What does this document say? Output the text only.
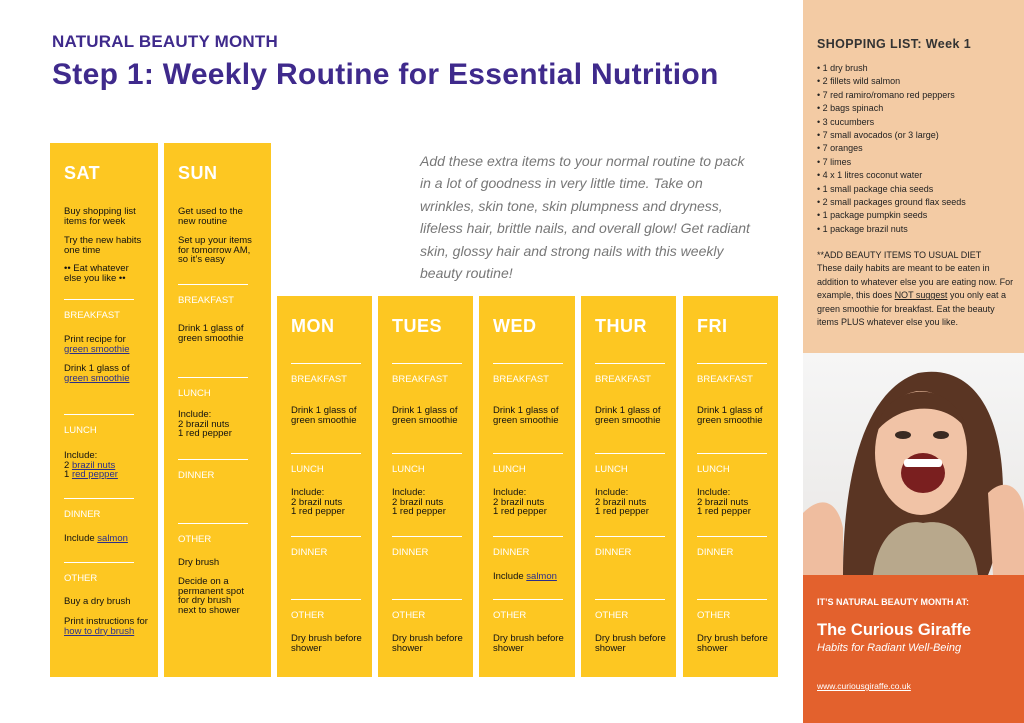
NATURAL BEAUTY MONTH
Step 1: Weekly Routine for Essential Nutrition
Add these extra items to your normal routine to pack in a lot of goodness in very little time. Take on wrinkles, skin tone, skin plumpness and dryness, lifeless hair, brittle nails, and overall glow! Get radiant skin, glossy hair and strong nails with this weekly beauty routine!
SAT
Buy shopping list items for week
Try the new habits one time
•• Eat whatever else you like ••
BREAKFAST
Print recipe for
green smoothie
Drink 1 glass of
green smoothie
LUNCH
Include:
2 brazil nuts
1 red pepper
DINNER
Include salmon
OTHER
Buy a dry brush
Print instructions for how to dry brush
SUN
Get used to the new routine
Set up your items for tomorrow AM, so it’s easy
BREAKFAST
Drink 1 glass of green smoothie
LUNCH
Include:
2 brazil nuts
1 red pepper
DINNER
OTHER
Dry brush
Decide on a permanent spot for dry brush next to shower
MON
BREAKFAST
Drink 1 glass of green smoothie
LUNCH
Include:
2 brazil nuts
1 red pepper
DINNER
OTHER
Dry brush before shower
TUES
BREAKFAST
Drink 1 glass of green smoothie
LUNCH
Include:
2 brazil nuts
1 red pepper
DINNER
OTHER
Dry brush before shower
WED
BREAKFAST
Drink 1 glass of green smoothie
LUNCH
Include:
2 brazil nuts
1 red pepper
DINNER
Include salmon
OTHER
Dry brush before shower
THUR
BREAKFAST
Drink 1 glass of green smoothie
LUNCH
Include:
2 brazil nuts
1 red pepper
DINNER
OTHER
Dry brush before shower
FRI
BREAKFAST
Drink 1 glass of green smoothie
LUNCH
Include:
2 brazil nuts
1 red pepper
DINNER
OTHER
Dry brush before shower
SHOPPING LIST: Week 1
• 1 dry brush
• 2 fillets wild salmon
• 7 red ramiro/romano red peppers
• 2 bags spinach
• 3 cucumbers
• 7 small avocados (or 3 large)
• 7 oranges
• 7 limes
• 4 x 1 litres coconut water
• 1 small package chia seeds
• 2 small packages ground flax seeds
• 1 package pumpkin seeds
• 1 package brazil nuts
**ADD BEAUTY ITEMS TO USUAL DIET
These daily habits are meant to be eaten in addition to whatever else you are eating now. For example, this does NOT suggest you only eat a green smoothie for breakfast. Eat the beauty items PLUS whatever else you like.
IT’S NATURAL BEAUTY MONTH AT:
The Curious Giraffe
Habits for Radiant Well-Being
www.curiousgiraffe.co.uk
